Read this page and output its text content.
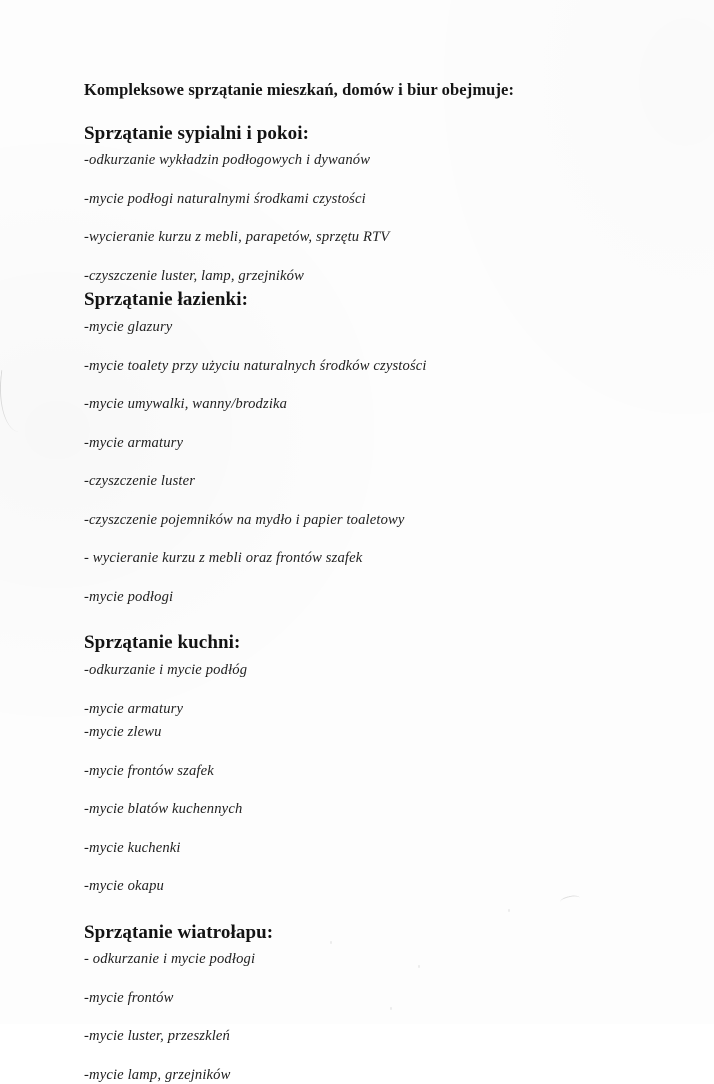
Kompleksowe sprzątanie mieszkań, domów i biur obejmuje:
Sprzątanie sypialni i pokoi:

-odkurzanie wykładzin podłogowych i dywanów

-mycie podłogi naturalnymi środkami czystości

-wycieranie kurzu z mebli, parapetów, sprzętu RTV

-czyszczenie luster, lamp, grzejników

Sprzątanie łazienki:

-mycie glazury

-mycie toalety przy użyciu naturalnych środków czystości

-mycie umywalki, wanny/brodzika

-mycie armatury

-czyszczenie luster

-czyszczenie pojemników na mydło i papier toaletowy

- wycieranie kurzu z mebli oraz frontów szafek

-mycie podłogi

Sprzątanie kuchni:

-odkurzanie i mycie podłóg

-mycie armatury

-mycie zlewu

-mycie frontów szafek

-mycie blatów kuchennych

-mycie kuchenki

-mycie okapu

Sprzątanie wiatrołapu:

- odkurzanie i mycie podłogi

-mycie frontów

-mycie luster, przeszkleń

-mycie lamp, grzejników
